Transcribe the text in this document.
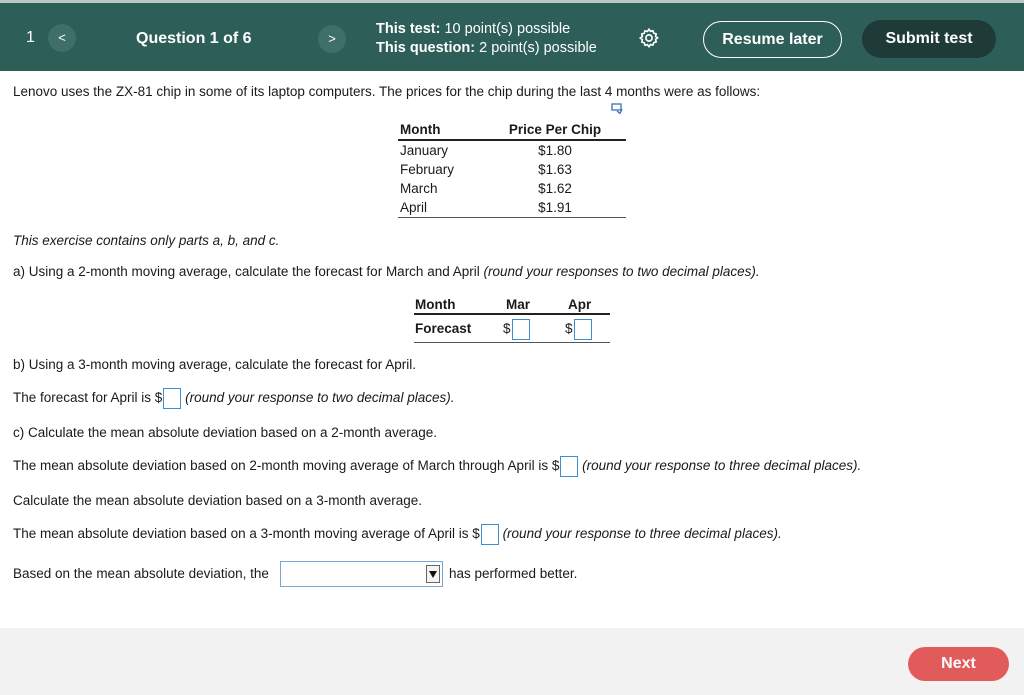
1	<	Question 1 of 6	>
This test: 10 point(s) possible
This question: 2 point(s) possible
Resume later	Submit test
Lenovo uses the ZX-81 chip in some of its laptop computers. The prices for the chip during the last 4 months were as follows:
Month	Price Per Chip
January	$1.80
February	$1.63
March	$1.62
April	$1.91
This exercise contains only parts a, b, and c.
a) Using a 2-month moving average, calculate the forecast for March and April (round your responses to two decimal places).
Month	Mar	Apr
Forecast $	$
b) Using a 3-month moving average, calculate the forecast for April.
The forecast for April is $ (round your response to two decimal places).
c) Calculate the mean absolute deviation based on a 2-month average.
The mean absolute deviation based on 2-month moving average of March through April is $ (round your response to three decimal places).
Calculate the mean absolute deviation based on a 3-month average.
The mean absolute deviation based on a 3-month moving average of April is $ (round your response to three decimal places).
Based on the mean absolute deviation, the	has performed better.
Next
